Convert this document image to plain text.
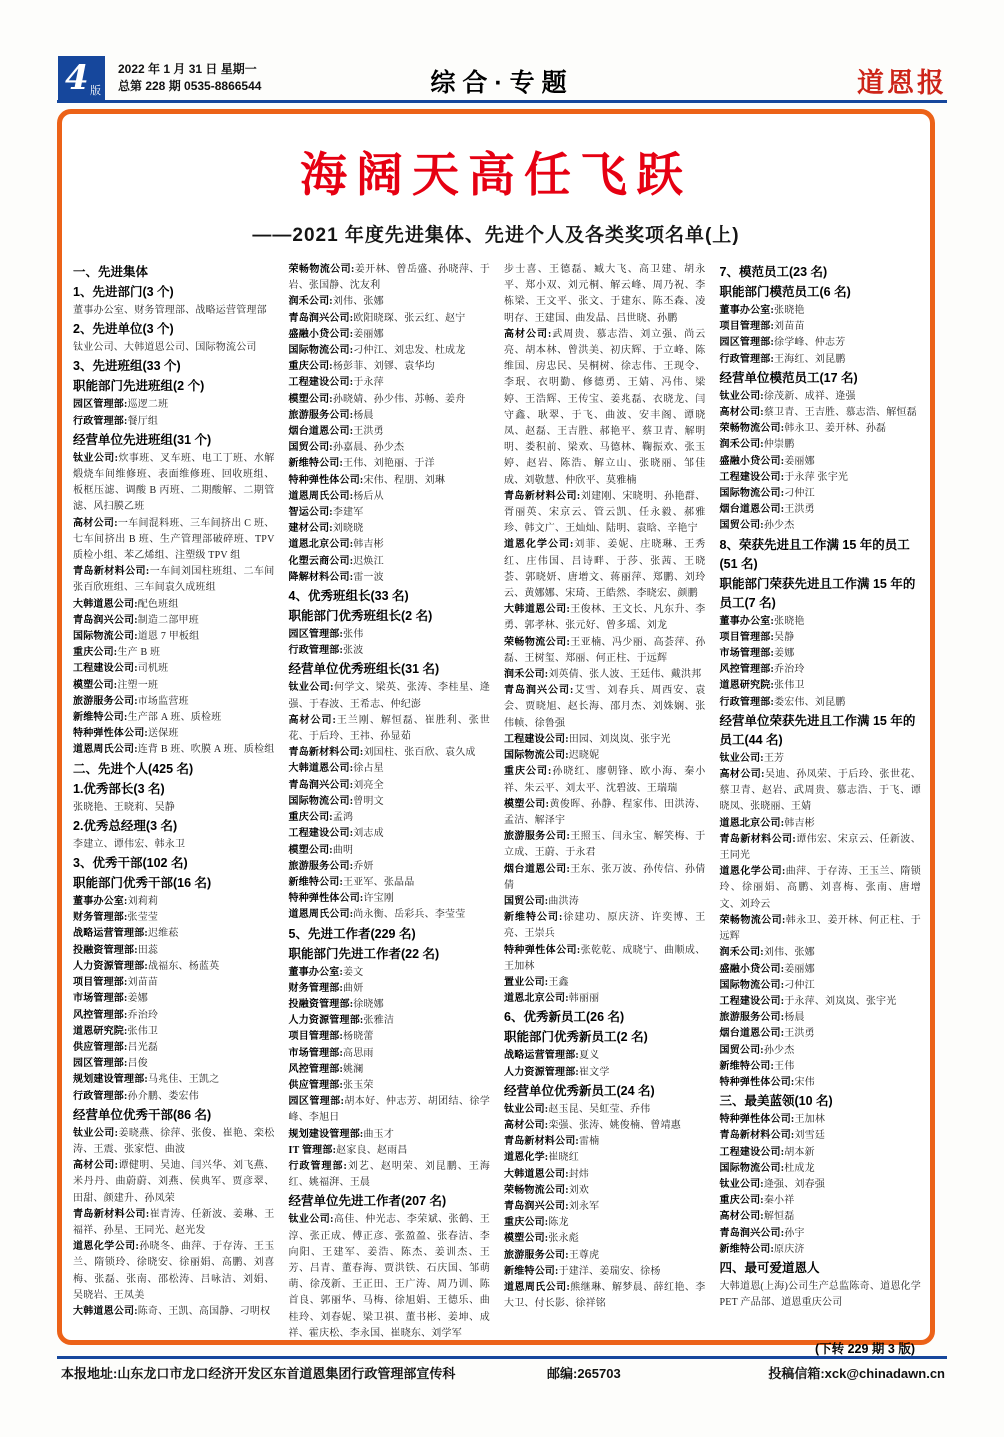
4 版
2022 年 1 月 31 日 星期一
总第 228 期 0535-8866544	综合·专题	道恩报
海阔天高任飞跃
——2021 年度先进集体、先进个人及各类奖项名单(上)
一、先进集体
1、先进部门(3 个)
董事办公室、财务管理部、战略运营管理部
2、先进单位(3 个)
钛业公司、大韩道恩公司、国际物流公司
3、先进班组(33 个)
职能部门先进班组(2 个)
园区管理部:巡逻二班
行政管理部:餐厅组
经营单位先进班组(31 个)
钛业公司:炊事班、叉车班、电工丁班、水解煅烧车间维修班、表面维修班、回收班组、板框压滤、调酸 B 丙班、二期酸解、二期管滤、风扫膜乙班
高材公司:一车间混料班、三车间挤出 C 班、七车间挤出 B 班、生产管理部破碎班、TPV 质检小组、苯乙烯组、注塑级 TPV 组
青岛新材料公司:一车间刘国柱班组、二车间张百欣班组、三车间袁久成班组
大韩道恩公司:配色班组
青岛润兴公司:制造二部甲班
国际物流公司:道恩 7 甲板组
重庆公司:生产 B 班
工程建设公司:司机班
模塑公司:注塑一班
旅游服务公司:市场监营班
新维特公司:生产部 A 班、质检班
特种弹性体公司:送保班
道恩周氏公司:连背 B 班、吹膜 A 班、质检组
二、先进个人(425 名)
1.优秀部长(3 名)
张晓艳、王晓莉、吴静
2.优秀总经理(3 名)
李建立、谭伟宏、韩永卫
3、优秀干部(102 名)
职能部门优秀干部(16 名)
董事办公室:刘莉莉
财务管理部:张莹莹
战略运营管理部:迟维菘
投融资管理部:田蕊
人力资源管理部:战福东、杨蓝英
项目管理部:刘苗苗
市场管理部:姜娜
风控管理部:乔治玲
道恩研究院:张伟卫
供应管理部:吕光磊
园区管理部:吕俊
规划建设管理部:马兆佳、王凯之
行政管理部:孙介鹏、娄宏伟
经营单位优秀干部(86 名)
钛业公司:姜晓燕、徐萍、张俊、崔艳、栾松涛、王震、张家恺、曲波
高材公司:谭健明、吴迪、闫兴华、刘飞燕、米丹丹、曲蔚蔚、刘燕、侯典军、贾彦翠、田甜、颜建升、孙凤荣
青岛新材料公司:崔青涛、任新波、姜琳、王福祥、孙星、王同光、赵光发
道恩化学公司:孙晓冬、曲萍、于存涛、王玉兰、隋锁玲、徐晓安、徐丽娟、高鹏、刘喜梅、张磊、张南、邵松涛、吕咏洁、刘娟、吴晓岩、王凤美
大韩道恩公司:陈奇、王凯、高国静、刁明权
荣畅物流公司:姜开林、曾岳盛、孙晓萍、于岩、张国静、沈友利
润禾公司:刘伟、张娜
青岛润兴公司:欧阳晓琛、张云红、赵宁
盛融小贷公司:姜丽娜
国际物流公司:刁仲江、刘忠发、杜成龙
重庆公司:杨彭菲、刘镠、袁华均
工程建设公司:于永萍
模塑公司:孙晓婧、孙少伟、苏畅、姜舟
旅游服务公司:杨晨
烟台道恩公司:王洪勇
国贸公司:孙嘉晨、孙少杰
新维特公司:王伟、刘艳丽、于洋
特种弹性体公司:宋伟、程朋、刘琳
道恩周氏公司:杨后从
智运公司:李建军
建材公司:刘晓晓
道恩北京公司:韩吉彬
化塑云商公司:迟焕江
降解材料公司:雷一波
4、优秀班组长(33 名)
职能部门优秀班组长(2 名)
园区管理部:张伟
行政管理部:张波
经营单位优秀班组长(31 名)
钛业公司:何学文、梁英、张涛、李桂星、逄强、于春波、王希志、仲纪澎
高材公司:王兰刚、解恒磊、崔胜利、张世花、于后玲、王祎、孙显茹
青岛新材料公司:刘国柱、张百欣、袁久成
大韩道恩公司:徐占星
青岛润兴公司:刘亮全
国际物流公司:曾明文
重庆公司:孟鸿
工程建设公司:刘志成
模塑公司:曲明
旅游服务公司:乔妍
新维特公司:王亚军、张晶晶
特种弹性体公司:许宝刚
道恩周氏公司:尚永衡、岳彩兵、李莹莹
5、先进工作者(229 名)
职能部门先进工作者(22 名)
董事办公室:姜文
财务管理部:曲妍
投融资管理部:徐晓娜
人力资源管理部:张雅洁
项目管理部:杨晓蕾
市场管理部:高思雨
风控管理部:姚澜
供应管理部:张玉荣
园区管理部:胡本好、仲志芳、胡团结、徐学峰、李旭日
规划建设管理部:曲玉才
IT 管理部:赵家良、赵雨昌
行政管理部:刘艺、赵明荣、刘昆鹏、王海红、姚福湃、王晨
经营单位先进工作者(207 名)
钛业公司:高佳、仲光志、李荣斌、张鹤、王淳、张正成、傅正彦、张盈盈、张春洁、李向阳、王建军、姜浩、陈杰、姜训杰、王芳、吕青、董春海、贾洪铁、石庆国、邹萌萌、徐茂新、王正田、王广涛、周乃训、陈首良、郭丽华、马梅、徐旭娟、王德乐、曲桂玲、刘春妮、梁卫祺、董书彬、姜坤、成祥、霍庆松、李永国、崔晓东、刘学军
步士喜、王德磊、臧大飞、高卫建、胡永平、郑小双、刘元桐、解云峰、周乃祝、李栋梁、王文平、张文、于建东、陈丕森、凌明存、王建国、曲发晶、吕世晓、孙鹏
高材公司:武周贵、慕志浩、刘立强、尚云亮、胡本林、曾洪美、初庆辉、于立峰、陈维国、房忠民、吴桐树、徐志伟、王现令、李珉、衣明勤、修德勇、王婧、冯伟、梁婷、王浩辉、王传宝、姜兆磊、衣晓龙、闫守鑫、耿翠、于飞、曲波、安丰阁、谭晓凤、赵磊、王吉胜、郝艳平、蔡卫青、解明明、娄积前、梁欢、马德林、鞠振欢、张玉婷、赵岩、陈浩、解立山、张晓丽、邹佳成、刘敬慧、仲欣平、莫雅楠
青岛新材料公司:刘建刚、宋晓明、孙艳群、胥丽英、宋京云、管云凯、任永毅、郝雅珍、韩文广、王灿灿、陆明、袁晗、辛艳宁
道恩化学公司:刘菲、姜妮、庄晓琳、王秀红、庄伟国、吕诗畔、于莎、张茜、王晓荟、郭晓妍、唐增文、蒋丽萍、郑鹏、刘玲云、黄娜娜、宋琦、王皓然、李晓宏、颜鹏
大韩道恩公司:王俊林、王文长、凡东升、李勇、郭孝林、张元好、曾多瑶、刘龙
荣畅物流公司:王亚楠、冯少丽、高荟萍、孙磊、王树玺、郑丽、何正柱、于远辉
润禾公司:刘英倩、张人波、王廷伟、戴洪邦
青岛润兴公司:艾雪、刘春兵、周西安、袁会、贾晓旭、赵长海、邵月杰、刘姝娴、张伟帧、徐鲁强
工程建设公司:田园、刘岚岚、张宇光
国际物流公司:迟晓妮
重庆公司:孙晓红、廖朝锋、欧小海、秦小祥、朱云平、刘太平、沈碧波、王瑞瑞
模塑公司:黄俊晖、孙静、程家伟、田洪涛、孟洁、解泽宇
旅游服务公司:王照玉、闫永宝、解笑梅、于立成、王蔚、于永君
烟台道恩公司:王东、张万波、孙传信、孙倩倩
国贸公司:曲洪涛
新维特公司:徐建功、原庆济、许奕博、王亮、王崇兵
特种弹性体公司:张乾乾、成晓宁、曲顺成、王加林
置业公司:王鑫
道恩北京公司:韩丽丽
6、优秀新员工(26 名)
职能部门优秀新员工(2 名)
战略运营管理部:夏义
人力资源管理部:崔文学
经营单位优秀新员工(24 名)
钛业公司:赵玉昆、吴虹莹、乔伟
高材公司:栾强、张涛、姚俊楠、曾靖惠
青岛新材料公司:雷楠
道恩化学:崔晓红
大韩道恩公司:封炜
荣畅物流公司:刘欢
青岛润兴公司:刘永军
重庆公司:陈龙
模塑公司:张永彪
旅游服务公司:王尊虎
新维特公司:于建洋、姜瑞安、徐杨
道恩周氏公司:熊继琳、解梦晨、薛红艳、李大卫、付长影、徐祥铭
7、模范员工(23 名)
职能部门模范员工(6 名)
董事办公室:张晓艳
项目管理部:刘苗苗
园区管理部:徐学峰、仲志芳
行政管理部:王海红、刘昆鹏
经营单位模范员工(17 名)
钛业公司:徐茂新、成祥、逄强
高材公司:蔡卫青、王吉胜、慕志浩、解恒磊
荣畅物流公司:韩永卫、姜开林、孙磊
润禾公司:仲崇鹏
盛融小贷公司:姜丽娜
工程建设公司:于永萍 张宇光
国际物流公司:刁仲江
烟台道恩公司:王洪勇
国贸公司:孙少杰
8、荣获先进且工作满 15 年的员工(51 名)
职能部门荣获先进且工作满 15 年的员工(7 名)
董事办公室:张晓艳
项目管理部:吴静
市场管理部:姜娜
风控管理部:乔治玲
道恩研究院:张伟卫
行政管理部:娄宏伟、刘昆鹏
经营单位荣获先进且工作满 15 年的员工(44 名)
钛业公司:王芳
高材公司:吴迪、孙凤荣、于后玲、张世花、蔡卫青、赵岩、武周贵、慕志浩、于飞、谭晓凤、张晓丽、王婧
道恩北京公司:韩吉彬
青岛新材料公司:谭伟宏、宋京云、任新波、王同光
道恩化学公司:曲萍、于存涛、王玉兰、隋锁玲、徐丽娟、高鹏、刘喜梅、张南、唐增文、刘玲云
荣畅物流公司:韩永卫、姜开林、何正柱、于远辉
润禾公司:刘伟、张娜
盛融小贷公司:姜丽娜
国际物流公司:刁仲江
工程建设公司:于永萍、刘岚岚、张宇光
旅游服务公司:杨晨
烟台道恩公司:王洪勇
国贸公司:孙少杰
新维特公司:王伟
特种弹性体公司:宋伟
三、最美蓝领(10 名)
特种弹性体公司:王加林
青岛新材料公司:刘雪廷
工程建设公司:胡本新
国际物流公司:杜成龙
钛业公司:逄强、刘春强
重庆公司:秦小祥
高材公司:解恒磊
青岛润兴公司:孙宇
新维特公司:原庆济
四、最可爱道恩人
大韩道恩(上海)公司生产总监陈奇、道恩化学 PET 产品部、道恩重庆公司
(下转 229 期 3 版)
本报地址:山东龙口市龙口经济开发区东首道恩集团行政管理部宣传科	邮编:265703	投稿信箱:xck@chinadawn.cn
